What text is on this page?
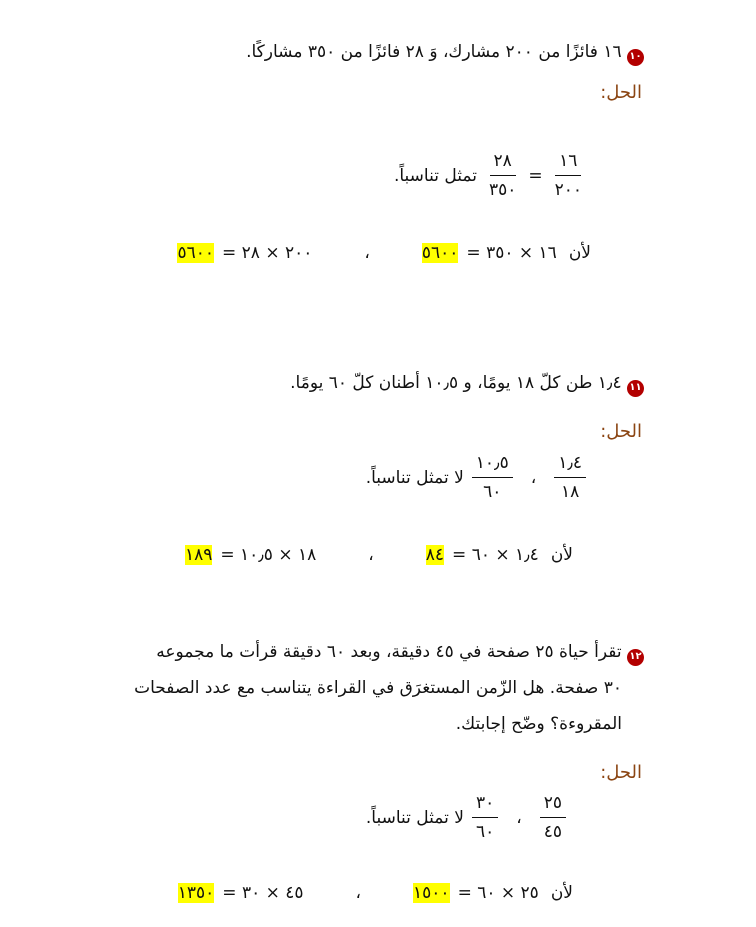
١٠ ١٦ فائزًا من ٢٠٠ مشارك، وَ ٢٨ فائزًا من ٣٥٠ مشاركًا.
الحل:
$\frac{١٦}{٢٠٠}$
=
$\frac{٢٨}{٣٥٠}$
تمثل تناسباً.
لأن
١٦ × ٣٥٠ =
٥٦٠٠
،
٢٠٠ × ٢٨ =
٥٦٠٠
١١ ١٫٤ طن كلّ ١٨ يومًا، و ١٠٫٥ أطنان كلّ ٦٠ يومًا.
الحل:
$\frac{١٫٤}{١٨}$
،
$\frac{١٠٫٥}{٦٠}$
لا تمثل تناسباً.
لأن
١٫٤ × ٦٠ =
٨٤
،
١٨ × ١٠٫٥ =
١٨٩
١٢ تقرأ حياة ٢٥ صفحة في ٤٥ دقيقة، وبعد ٦٠ دقيقة قرأت ما مجموعه
٣٠ صفحة. هل الزّمن المستغرَق في القراءة يتناسب مع عدد الصفحات
المقروءة؟ وضّح إجابتك.
الحل:
$\frac{٢٥}{٤٥}$
،
$\frac{٣٠}{٦٠}$
لا تمثل تناسباً.
لأن
٢٥ × ٦٠ =
١٥٠٠
،
٤٥ × ٣٠ =
١٣٥٠
